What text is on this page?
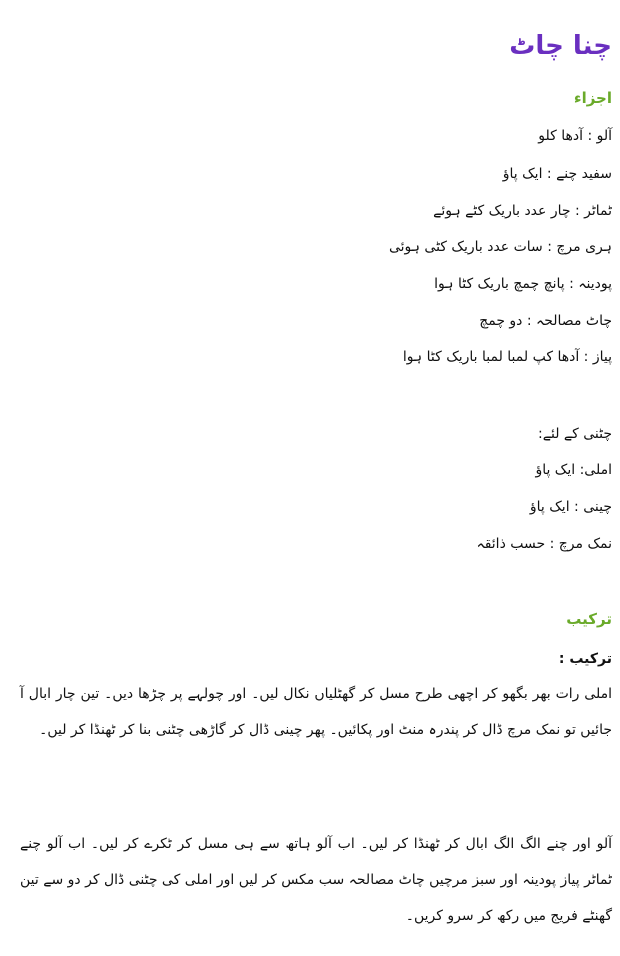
چنا چاٹ
اجزاء

آلو : آدھا کلو

سفید چنے : ایک پاؤ

ٹماٹر : چار عدد باریک کٹے ہوئے

ہری مرچ : سات عدد باریک کٹی ہوئی

پودینہ : پانچ چمچ باریک کٹا ہوا

چاٹ مصالحہ : دو چمچ

پیاز : آدھا کپ لمبا لمبا باریک کٹا ہوا

چٹنی کے لئے:

املی: ایک پاؤ

چینی : ایک پاؤ

نمک مرچ : حسب ذائقہ

ترکیب

ترکیب :

املی رات بھر بگھو کر اچھی طرح مسل کر گھٹلیاں نکال لیں۔ اور چولہے پر چڑھا دیں۔ تین چار ابال آ جائیں تو نمک مرچ ڈال کر پندرہ منٹ اور پکائیں۔ پھر چینی ڈال کر گاڑھی چٹنی بنا کر ٹھنڈا کر لیں۔

آلو اور چنے الگ الگ ابال کر ٹھنڈا کر لیں۔ اب آلو ہاتھ سے ہی مسل کر ٹکرے کر لیں۔ اب آلو چنے ٹماٹر پیاز پودینہ اور سبز مرچیں چاٹ مصالحہ سب مکس کر لیں اور املی کی چٹنی ڈال کر دو سے تین گھنٹے فریج میں رکھ کر سرو کریں۔
